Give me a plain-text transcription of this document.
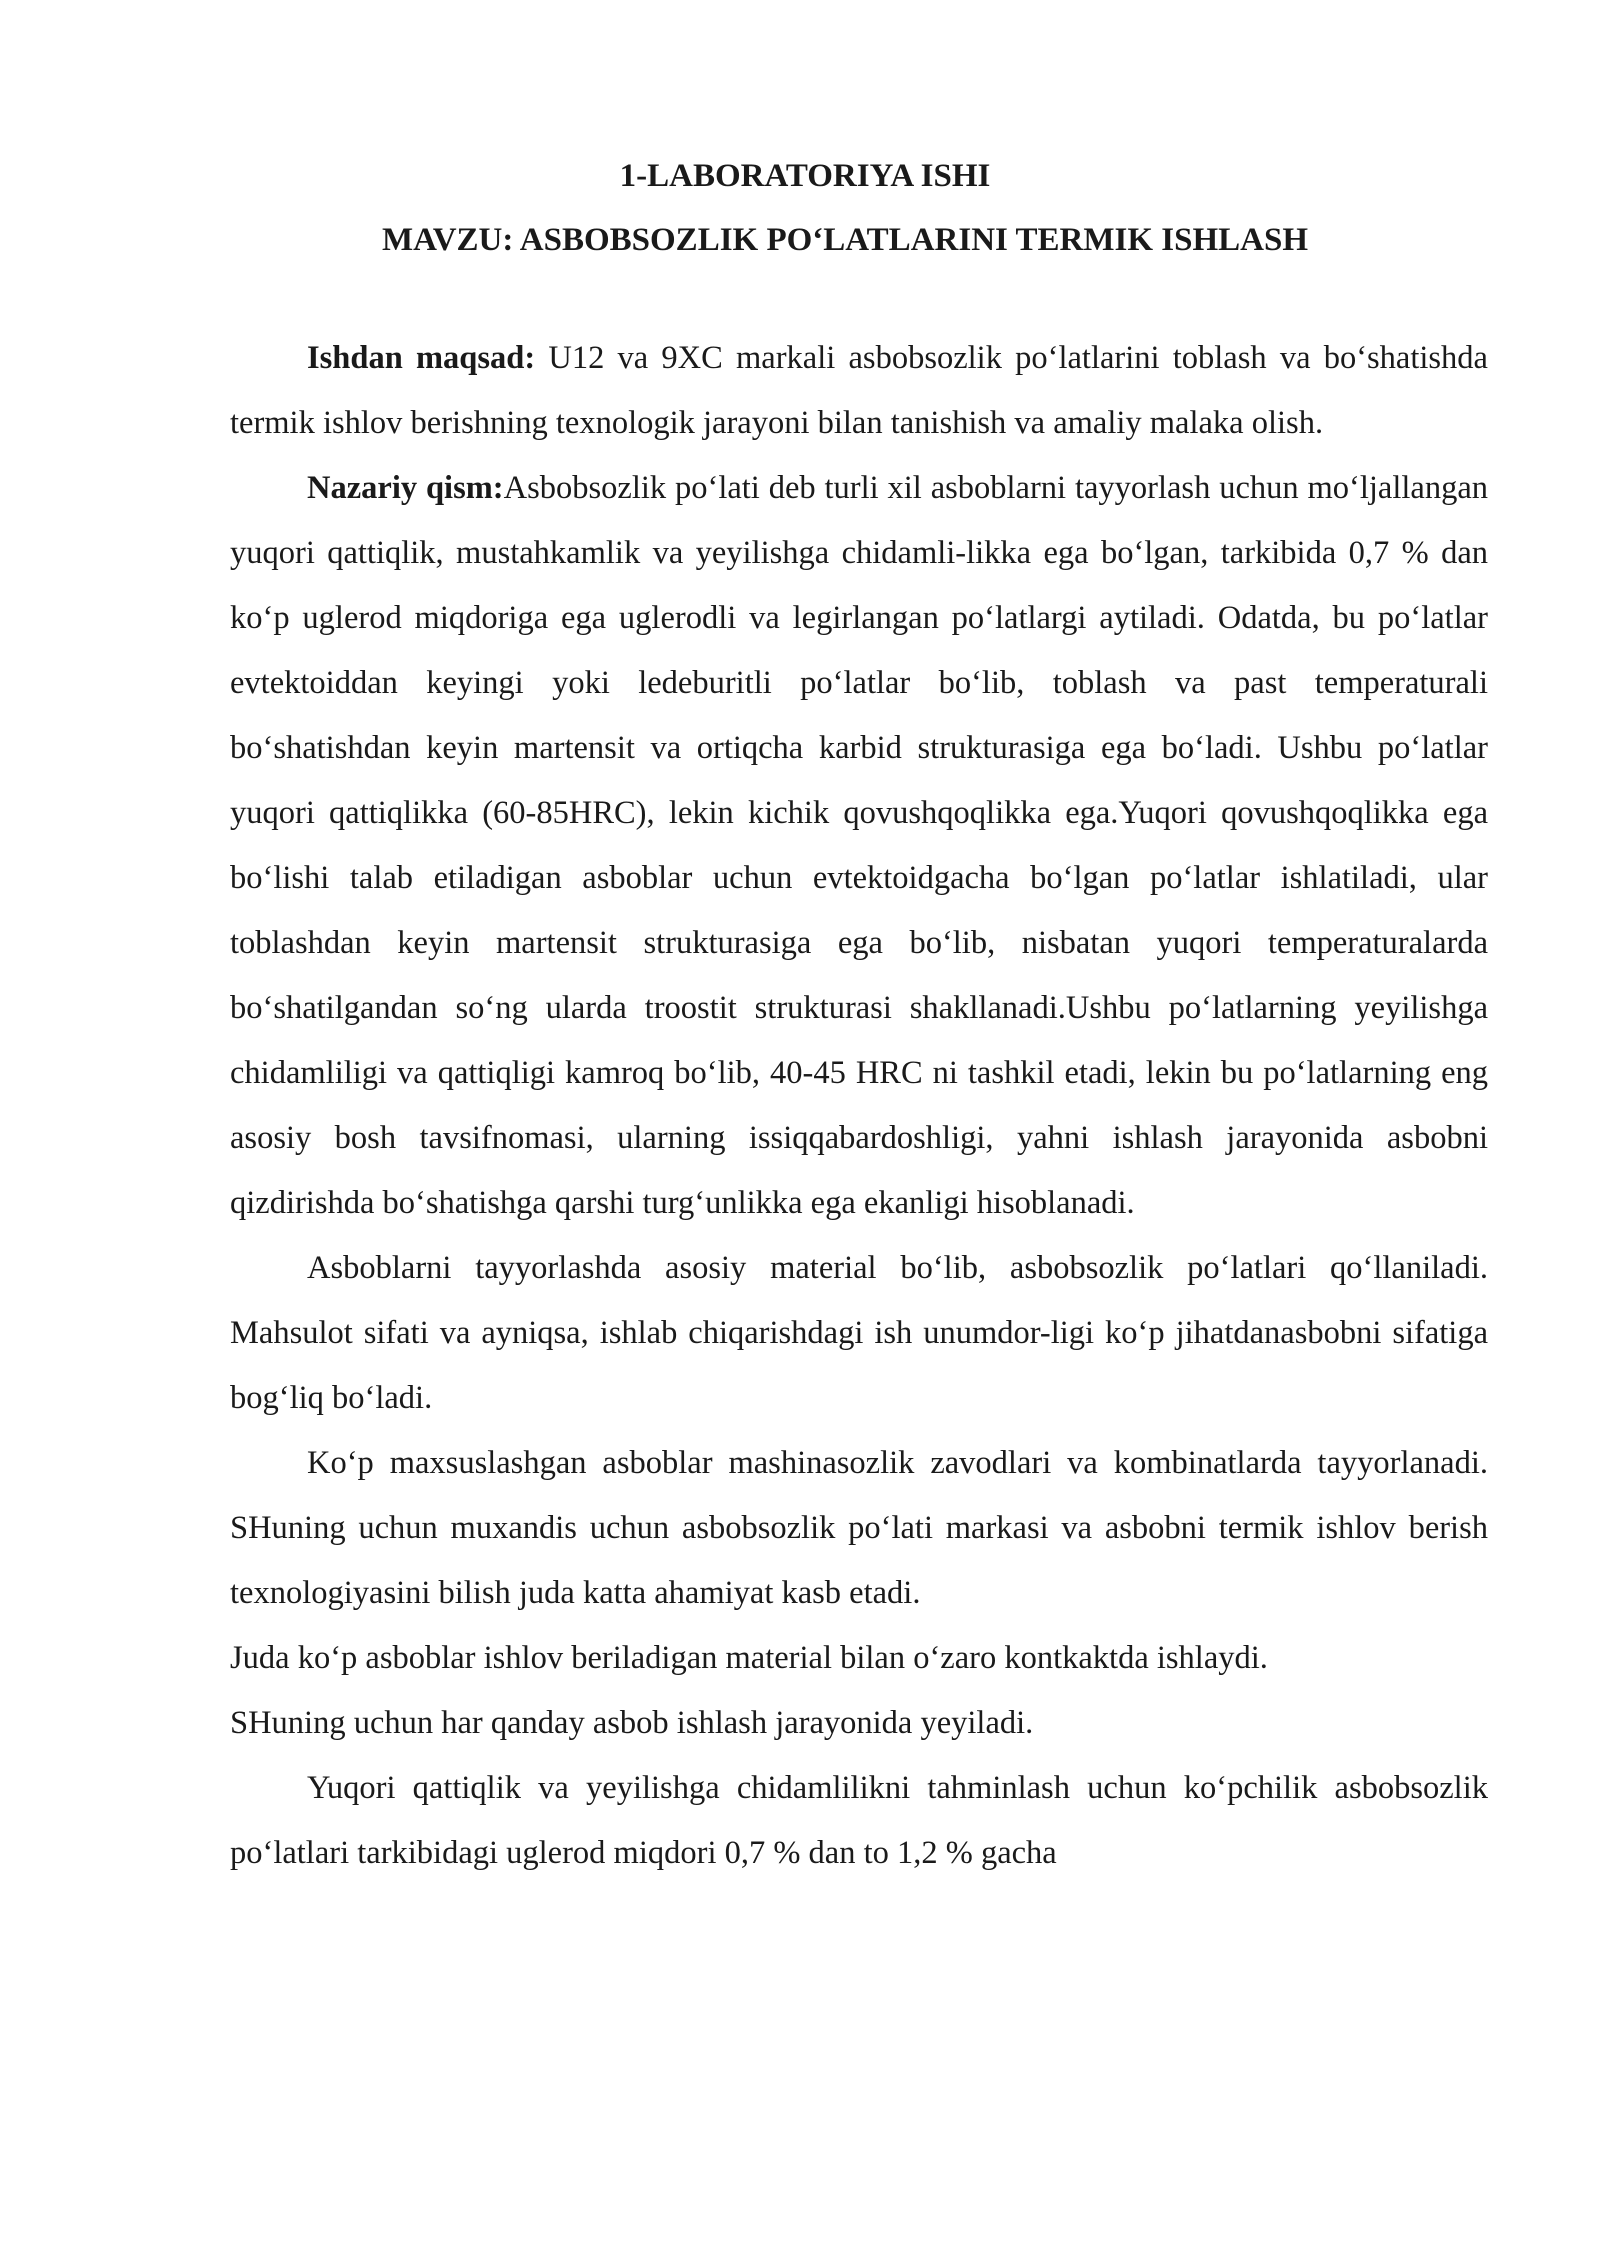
1-LABORATORIYA ISHI
MAVZU: ASBOBSOZLIK PO‘LATLARINI TERMIK ISHLASH

Ishdan maqsad: U12 va 9XC markali asbobsozlik po‘latlarini toblash va bo‘shatishda termik ishlov berishning texnologik jarayoni bilan tanishish va amaliy malaka olish.

Nazariy qism:Asbobsozlik po‘lati deb turli xil asboblarni tayyorlash uchun mo‘ljallangan yuqori qattiqlik, mustahkamlik va yeyilishga chidamli-likka ega bo‘lgan, tarkibida 0,7 % dan ko‘p uglerod miqdoriga ega uglerodli va legirlangan po‘latlargi aytiladi. Odatda, bu po‘latlar evtektoiddan keyingi yoki ledeburitli po‘latlar bo‘lib, toblash va past temperaturali bo‘shatishdan keyin martensit va ortiqcha karbid strukturasiga ega bo‘ladi. Ushbu po‘latlar yuqori qattiqlikka (60-85HRC), lekin kichik qovushqoqlikka ega.Yuqori qovushqoqlikka ega bo‘lishi talab etiladigan asboblar uchun evtektoidgacha bo‘lgan po‘latlar ishlatiladi, ular toblashdan keyin martensit strukturasiga ega bo‘lib, nisbatan yuqori temperaturalarda bo‘shatilgandan so‘ng ularda troostit strukturasi shakllanadi.Ushbu po‘latlarning yeyilishga chidamliligi va qattiqligi kamroq bo‘lib, 40-45 HRC ni tashkil etadi, lekin bu po‘latlarning eng asosiy bosh tavsifnomasi, ularning issiqqabardoshligi, yahni ishlash jarayonida asbobni qizdirishda bo‘shatishga qarshi turg‘unlikka ega ekanligi hisoblanadi.

Asboblarni tayyorlashda asosiy material bo‘lib, asbobsozlik po‘latlari qo‘llaniladi. Mahsulot sifati va ayniqsa, ishlab chiqarishdagi ish unumdor-ligi ko‘p jihatdanasbobni sifatiga bog‘liq bo‘ladi.

Ko‘p maxsuslashgan asboblar mashinasozlik zavodlari va kombinatlarda tayyorlanadi. SHuning uchun muxandis uchun asbobsozlik po‘lati markasi va asbobni termik ishlov berish texnologiyasini bilish juda katta ahamiyat kasb etadi.

Juda ko‘p asboblar ishlov beriladigan material bilan o‘zaro kontkaktda ishlaydi.

SHuning uchun har qanday asbob ishlash jarayonida yeyiladi.

Yuqori qattiqlik va yeyilishga chidamlilikni tahminlash uchun ko‘pchilik asbobsozlik po‘latlari tarkibidagi uglerod miqdori 0,7 % dan to 1,2 % gacha
